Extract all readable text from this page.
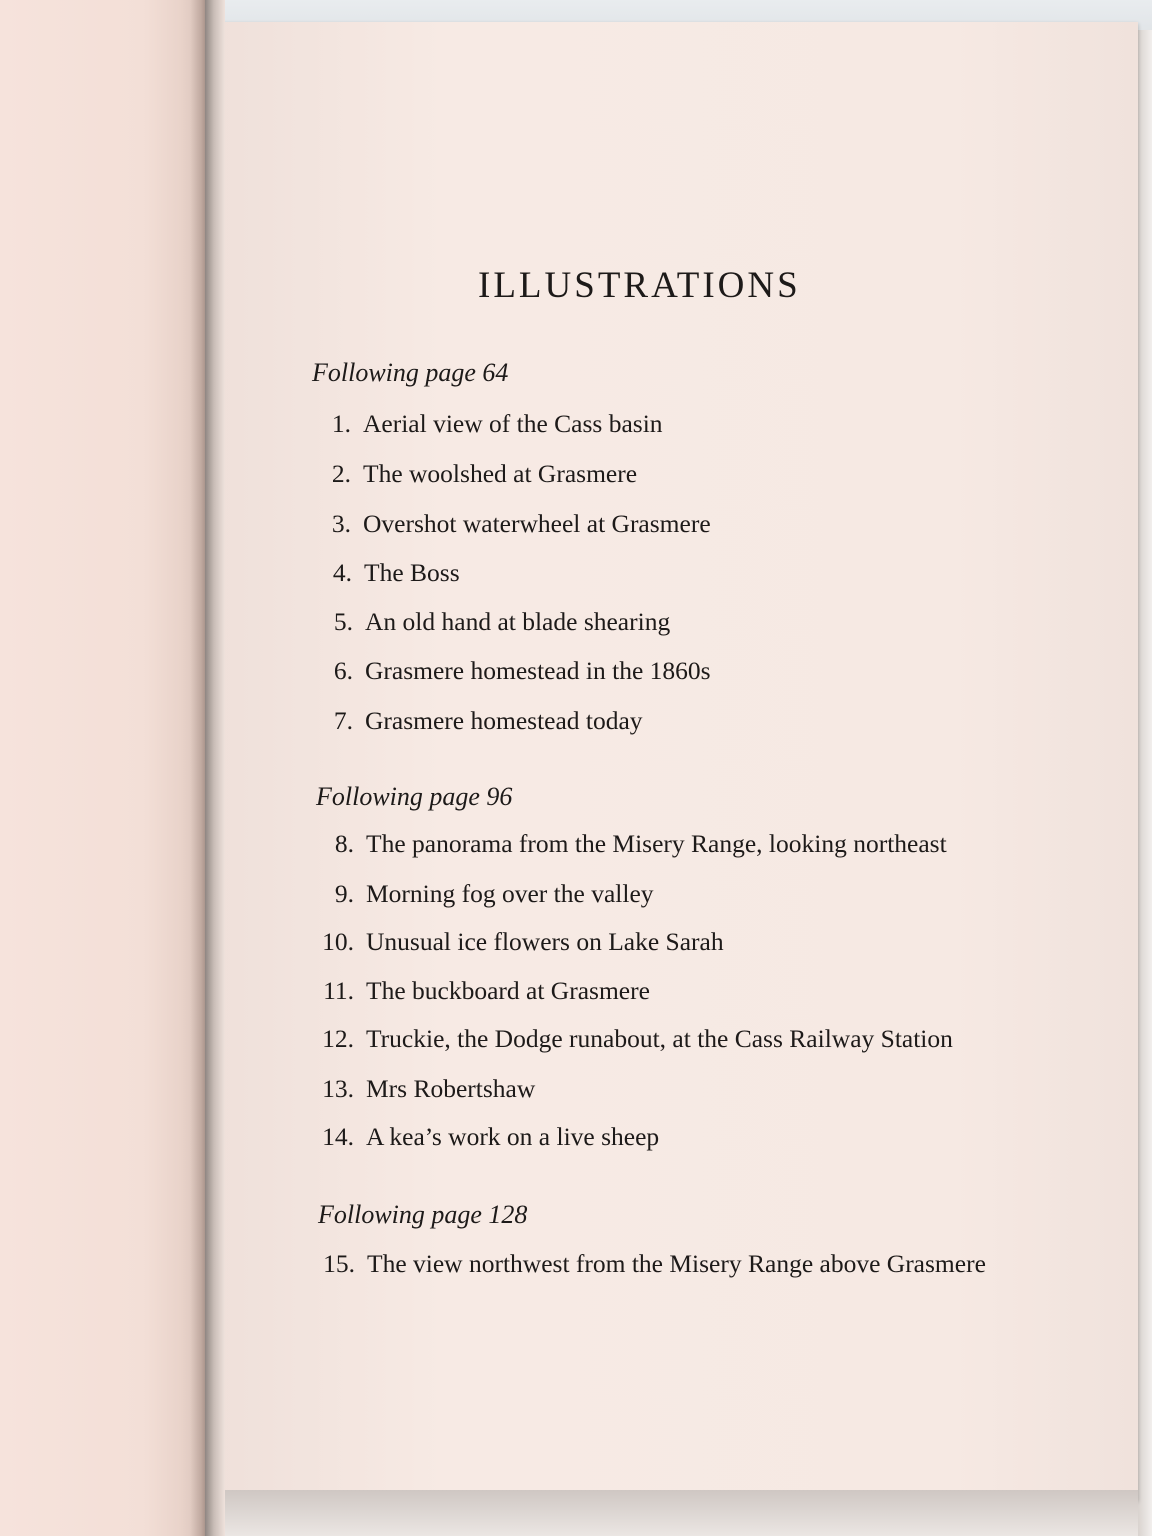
ILLUSTRATIONS
Following page 64
1. Aerial view of the Cass basin
2. The woolshed at Grasmere
3. Overshot waterwheel at Grasmere
4. The Boss
5. An old hand at blade shearing
6. Grasmere homestead in the 1860s
7. Grasmere homestead today
Following page 96
8. The panorama from the Misery Range, looking northeast
9. Morning fog over the valley
10. Unusual ice flowers on Lake Sarah
11. The buckboard at Grasmere
12. Truckie, the Dodge runabout, at the Cass Railway Station
13. Mrs Robertshaw
14. A kea’s work on a live sheep
Following page 128
15. The view northwest from the Misery Range above Grasmere
